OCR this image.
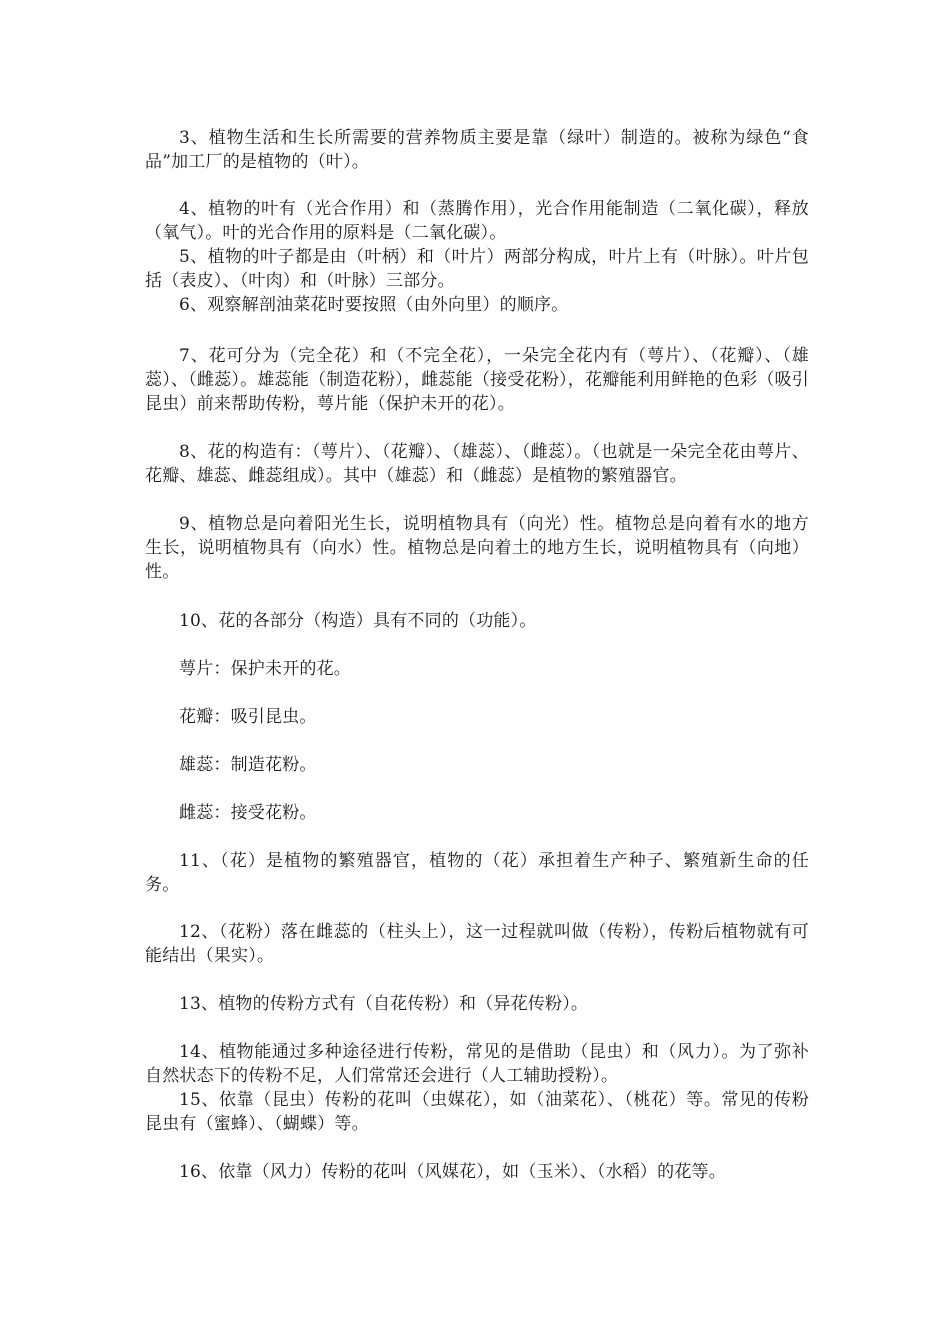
3、植物生活和生长所需要的营养物质主要是靠（绿叶）制造的。被称为绿色“食品”加工厂的是植物的（叶）。

4、植物的叶有（光合作用）和（蒸腾作用），光合作用能制造（二氧化碳），释放（氧气）。叶的光合作用的原料是（二氧化碳）。

5、植物的叶子都是由（叶柄）和（叶片）两部分构成，叶片上有（叶脉）。叶片包括（表皮）、（叶肉）和（叶脉）三部分。

6、观察解剖油菜花时要按照（由外向里）的顺序。

7、花可分为（完全花）和（不完全花），一朵完全花内有（萼片）、（花瓣）、（雄蕊）、（雌蕊）。雄蕊能（制造花粉），雌蕊能（接受花粉），花瓣能利用鲜艳的色彩（吸引昆虫）前来帮助传粉，萼片能（保护未开的花）。

8、花的构造有：（萼片）、（花瓣）、（雄蕊）、（雌蕊）。（也就是一朵完全花由萼片、花瓣、雄蕊、雌蕊组成）。其中（雄蕊）和（雌蕊）是植物的繁殖器官。

9、植物总是向着阳光生长，说明植物具有（向光）性。植物总是向着有水的地方生长，说明植物具有（向水）性。植物总是向着土的地方生长，说明植物具有（向地）性。

10、花的各部分（构造）具有不同的（功能）。

萼片：保护未开的花。

花瓣：吸引昆虫。

雄蕊：制造花粉。

雌蕊：接受花粉。

11、（花）是植物的繁殖器官，植物的（花）承担着生产种子、繁殖新生命的任务。

12、（花粉）落在雌蕊的（柱头上），这一过程就叫做（传粉），传粉后植物就有可能结出（果实）。

13、植物的传粉方式有（自花传粉）和（异花传粉）。

14、植物能通过多种途径进行传粉，常见的是借助（昆虫）和（风力）。为了弥补自然状态下的传粉不足，人们常常还会进行（人工辅助授粉）。

15、依靠（昆虫）传粉的花叫（虫媒花），如（油菜花）、（桃花）等。常见的传粉昆虫有（蜜蜂）、（蝴蝶）等。

16、依靠（风力）传粉的花叫（风媒花），如（玉米）、（水稻）的花等。
